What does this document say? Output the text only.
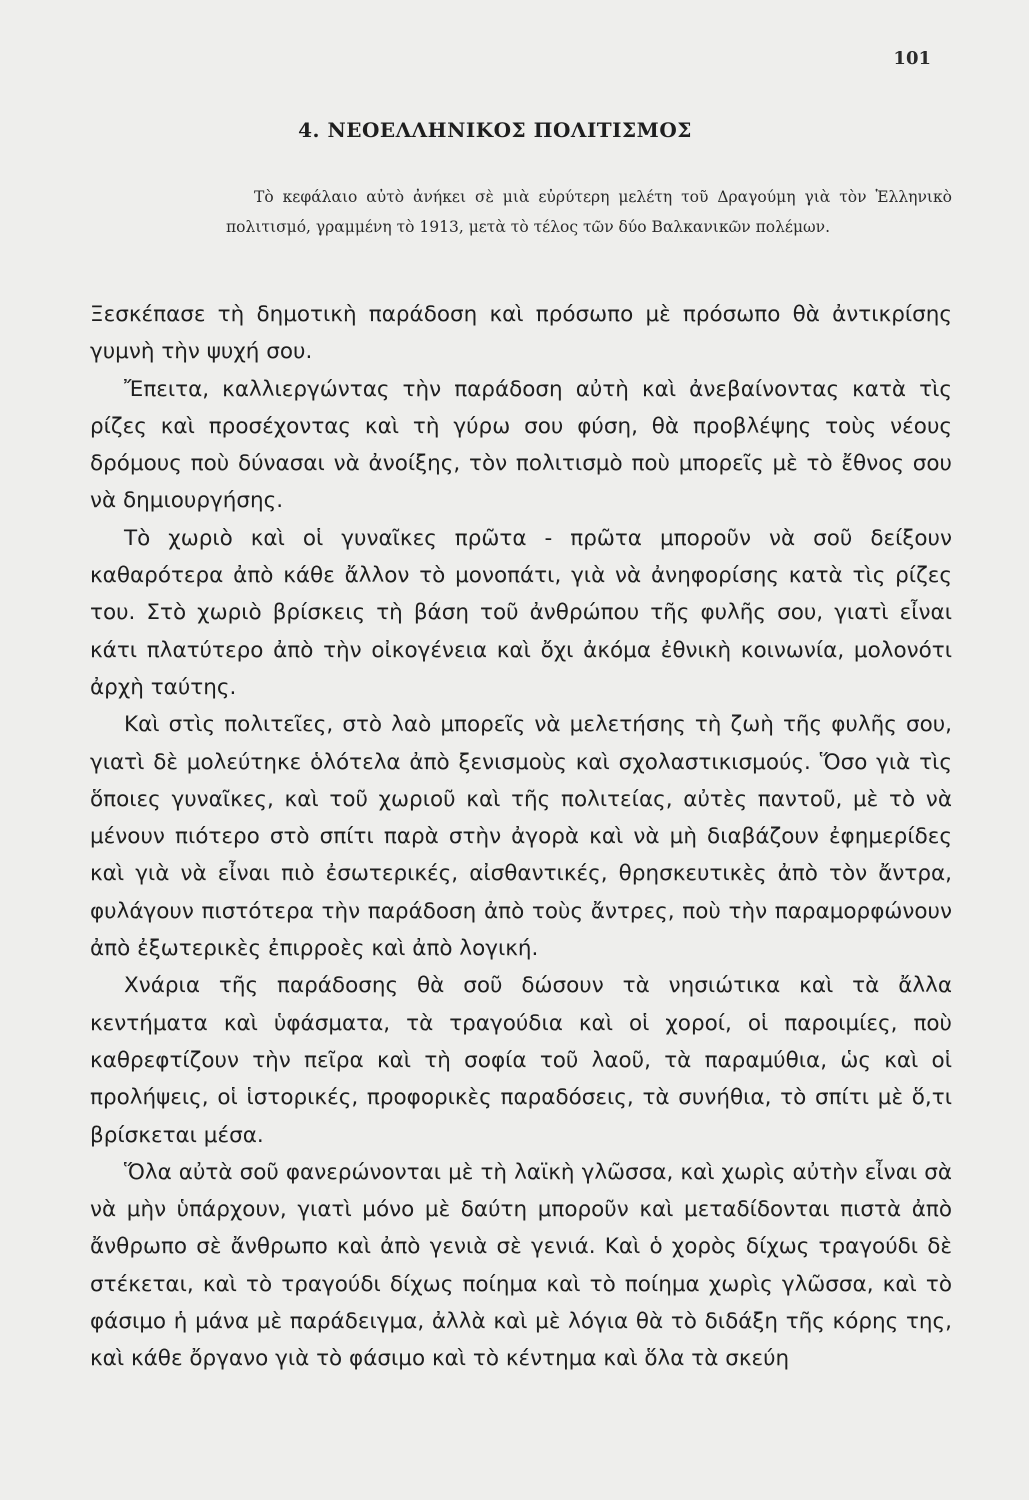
101
4. ΝΕΟΕΛΛΗΝΙΚΟΣ ΠΟΛΙΤΙΣΜΟΣ

Τὸ κεφάλαιο αὐτὸ ἀνήκει σὲ μιὰ εὐρύτερη μελέτη τοῦ Δραγούμη γιὰ τὸν Ἑλληνικὸ πολιτισμό, γραμμένη τὸ 1913, μετὰ τὸ τέλος τῶν δύο Βαλκανικῶν πολέμων.

Ξεσκέπασε τὴ δημοτικὴ παράδοση καὶ πρόσωπο μὲ πρόσωπο θὰ ἀντικρίσης γυμνὴ τὴν ψυχή σου.

Ἔπειτα, καλλιεργώντας τὴν παράδοση αὐτὴ καὶ ἀνεβαίνοντας κατὰ τὶς ρίζες καὶ προσέχοντας καὶ τὴ γύρω σου φύση, θὰ προβλέψης τοὺς νέους δρόμους ποὺ δύνασαι νὰ ἀνοίξης, τὸν πολιτισμὸ ποὺ μπορεῖς μὲ τὸ ἔθνος σου νὰ δημιουργήσης.

Τὸ χωριὸ καὶ οἱ γυναῖκες πρῶτα - πρῶτα μποροῦν νὰ σοῦ δείξουν καθαρότερα ἀπὸ κάθε ἄλλον τὸ μονοπάτι, γιὰ νὰ ἀνηφορίσης κατὰ τὶς ρίζες του. Στὸ χωριὸ βρίσκεις τὴ βάση τοῦ ἀνθρώπου τῆς φυλῆς σου, γιατὶ εἶναι κάτι πλατύτερο ἀπὸ τὴν οἰκογένεια καὶ ὄχι ἀκόμα ἐθνικὴ κοινωνία, μολονότι ἀρχὴ ταύτης.

Καὶ στὶς πολιτεῖες, στὸ λαὸ μπορεῖς νὰ μελετήσης τὴ ζωὴ τῆς φυλῆς σου, γιατὶ δὲ μολεύτηκε ὁλότελα ἀπὸ ξενισμοὺς καὶ σχολαστικισμούς. Ὅσο γιὰ τὶς ὅποιες γυναῖκες, καὶ τοῦ χωριοῦ καὶ τῆς πολιτείας, αὐτὲς παντοῦ, μὲ τὸ νὰ μένουν πιότερο στὸ σπίτι παρὰ στὴν ἀγορὰ καὶ νὰ μὴ διαβάζουν ἐφημερίδες καὶ γιὰ νὰ εἶναι πιὸ ἐσωτερικές, αἰσθαντικές, θρησκευτικὲς ἀπὸ τὸν ἄντρα, φυλάγουν πιστότερα τὴν παράδοση ἀπὸ τοὺς ἄντρες, ποὺ τὴν παραμορφώνουν ἀπὸ ἐξωτερικὲς ἐπιρροὲς καὶ ἀπὸ λογική.

Χνάρια τῆς παράδοσης θὰ σοῦ δώσουν τὰ νησιώτικα καὶ τὰ ἄλλα κεντήματα καὶ ὑφάσματα, τὰ τραγούδια καὶ οἱ χοροί, οἱ παροιμίες, ποὺ καθρεφτίζουν τὴν πεῖρα καὶ τὴ σοφία τοῦ λαοῦ, τὰ παραμύθια, ὡς καὶ οἱ προλήψεις, οἱ ἱστορικές, προφορικὲς παραδόσεις, τὰ συνήθια, τὸ σπίτι μὲ ὅ,τι βρίσκεται μέσα.

Ὅλα αὐτὰ σοῦ φανερώνονται μὲ τὴ λαϊκὴ γλῶσσα, καὶ χωρὶς αὐτὴν εἶναι σὰ νὰ μὴν ὑπάρχουν, γιατὶ μόνο μὲ δαύτη μποροῦν καὶ μεταδίδονται πιστὰ ἀπὸ ἄνθρωπο σὲ ἄνθρωπο καὶ ἀπὸ γενιὰ σὲ γενιά. Καὶ ὁ χορὸς δίχως τραγούδι δὲ στέκεται, καὶ τὸ τραγούδι δίχως ποίημα καὶ τὸ ποίημα χωρὶς γλῶσσα, καὶ τὸ φάσιμο ἡ μάνα μὲ παράδειγμα, ἀλλὰ καὶ μὲ λόγια θὰ τὸ διδάξη τῆς κόρης της, καὶ κάθε ὄργανο γιὰ τὸ φάσιμο καὶ τὸ κέντημα καὶ ὅλα τὰ σκεύη
